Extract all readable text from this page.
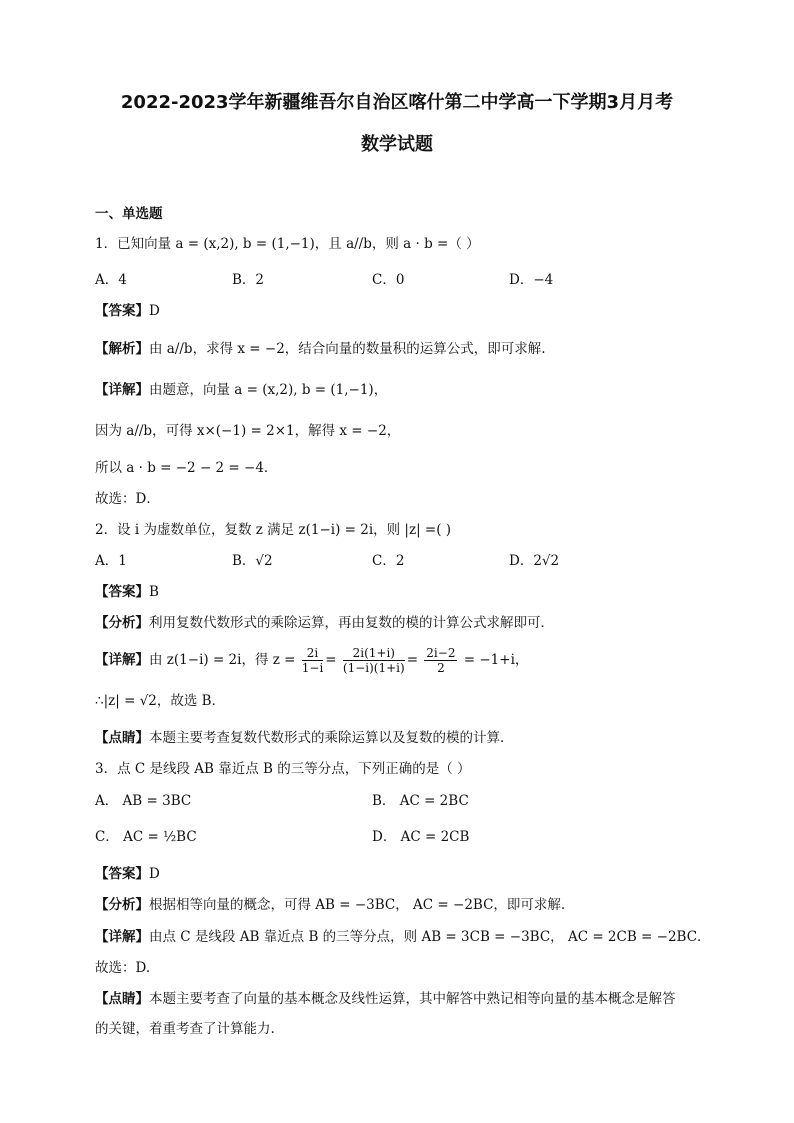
2022-2023学年新疆维吾尔自治区喀什第二中学高一下学期3月月考
数学试题
一、单选题
1．已知向量 a = (x,2), b = (1,−1)，且 a//b，则 a · b =（ ）
A．4	B．2	C．0	D．−4
【答案】D
【解析】由 a//b，求得 x = −2，结合向量的数量积的运算公式，即可求解.
【详解】由题意，向量 a = (x,2), b = (1,−1)，
因为 a//b，可得 x×(−1) = 2×1，解得 x = −2，
所以 a · b = −2 − 2 = −4．
故选：D．
2．设 i 为虚数单位，复数 z 满足 z(1−i) = 2i，则 |z| =( )
A．1	B．√2	C．2	D．2√2
【答案】B
【分析】利用复数代数形式的乘除运算，再由复数的模的计算公式求解即可．
【详解】由 z(1−i) = 2i，得 $z = \frac{2i}{1-i} = \frac{2i(1+i)}{(1-i)(1+i)} = \frac{2i-2}{2} = -1+i$，
∴|z| = √2，故选 B．
【点睛】本题主要考查复数代数形式的乘除运算以及复数的模的计算．
3．点 C 是线段 AB 靠近点 B 的三等分点，下列正确的是（ ）
A． AB = 3BC	B． AC = 2BC
C． AC = ½BC	D． AC = 2CB
【答案】D
【分析】根据相等向量的概念，可得 AB = −3BC， AC = −2BC，即可求解.
【详解】由点 C 是线段 AB 靠近点 B 的三等分点，则 AB = 3CB = −3BC， AC = 2CB = −2BC．
故选：D.
【点睛】本题主要考查了向量的基本概念及线性运算，其中解答中熟记相等向量的基本概念是解答
的关键，着重考查了计算能力.
